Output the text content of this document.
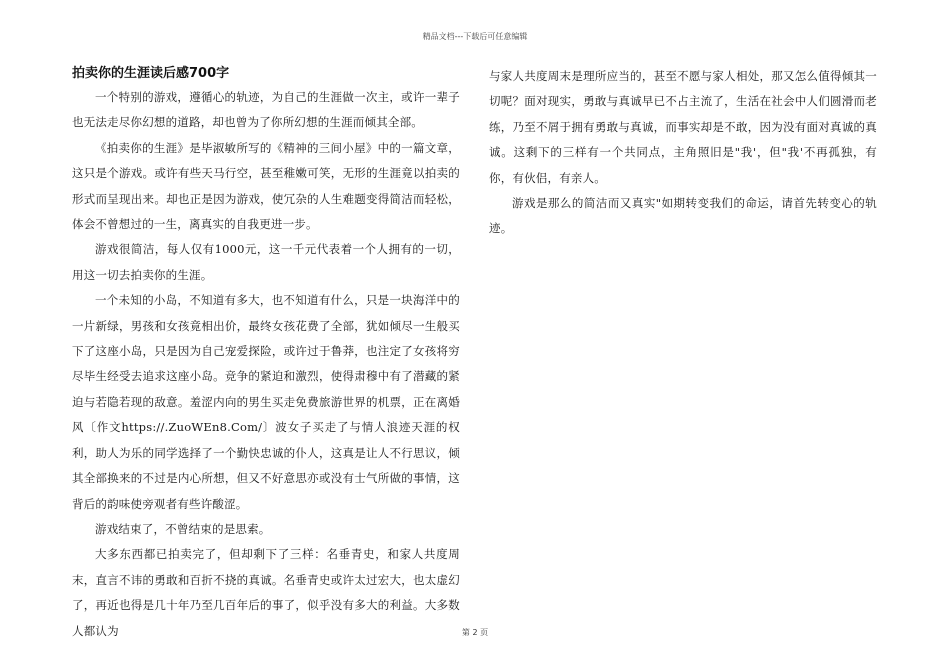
精品文档---下载后可任意编辑
拍卖你的生涯读后感700字

一个特别的游戏，遵循心的轨迹，为自己的生涯做一次主，或许一辈子也无法走尽你幻想的道路，却也曾为了你所幻想的生涯而倾其全部。

《拍卖你的生涯》是毕淑敏所写的《精神的三间小屋》中的一篇文章，这只是个游戏。或许有些天马行空，甚至稚嫩可笑，无形的生涯竟以拍卖的形式而呈现出来。却也正是因为游戏，使冗杂的人生难题变得简洁而轻松，体会不曾想过的一生，离真实的自我更进一步。

游戏很简洁，每人仅有1000元，这一千元代表着一个人拥有的一切，用这一切去拍卖你的生涯。

一个未知的小岛，不知道有多大，也不知道有什么，只是一块海洋中的一片新绿，男孩和女孩竟相出价，最终女孩花费了全部，犹如倾尽一生般买下了这座小岛，只是因为自己宠爱探险，或许过于鲁莽，也注定了女孩将穷尽毕生经受去追求这座小岛。竞争的紧迫和激烈，使得肃穆中有了潜藏的紧迫与若隐若现的敌意。羞涩内向的男生买走免费旅游世界的机票，正在离婚风〔作文https://.ZuoWEn8.Com/〕波女子买走了与情人浪迹天涯的权利，助人为乐的同学选择了一个勤快忠诚的仆人，这真是让人不行思议，倾其全部换来的不过是内心所想，但又不好意思亦或没有士气所做的事情，这背后的韵味使旁观者有些许酸涩。

游戏结束了，不曾结束的是思索。

大多东西都已拍卖完了，但却剩下了三样：名垂青史，和家人共度周末，直言不讳的勇敢和百折不挠的真诚。名垂青史或许太过宏大，也太虚幻了，再近也得是几十年乃至几百年后的事了，似乎没有多大的利益。大多数人都认为

与家人共度周末是理所应当的，甚至不愿与家人相处，那又怎么值得倾其一切呢？面对现实，勇敢与真诚早已不占主流了，生活在社会中人们圆滑而老练，乃至不屑于拥有勇敢与真诚，而事实却是不敢，因为没有面对真诚的真诚。这剩下的三样有一个共同点，主角照旧是"我'，但"我'不再孤独，有你，有伙侣，有亲人。

游戏是那么的简洁而又真实"如期转变我们的命运，请首先转变心的轨迹。

第 2 页
